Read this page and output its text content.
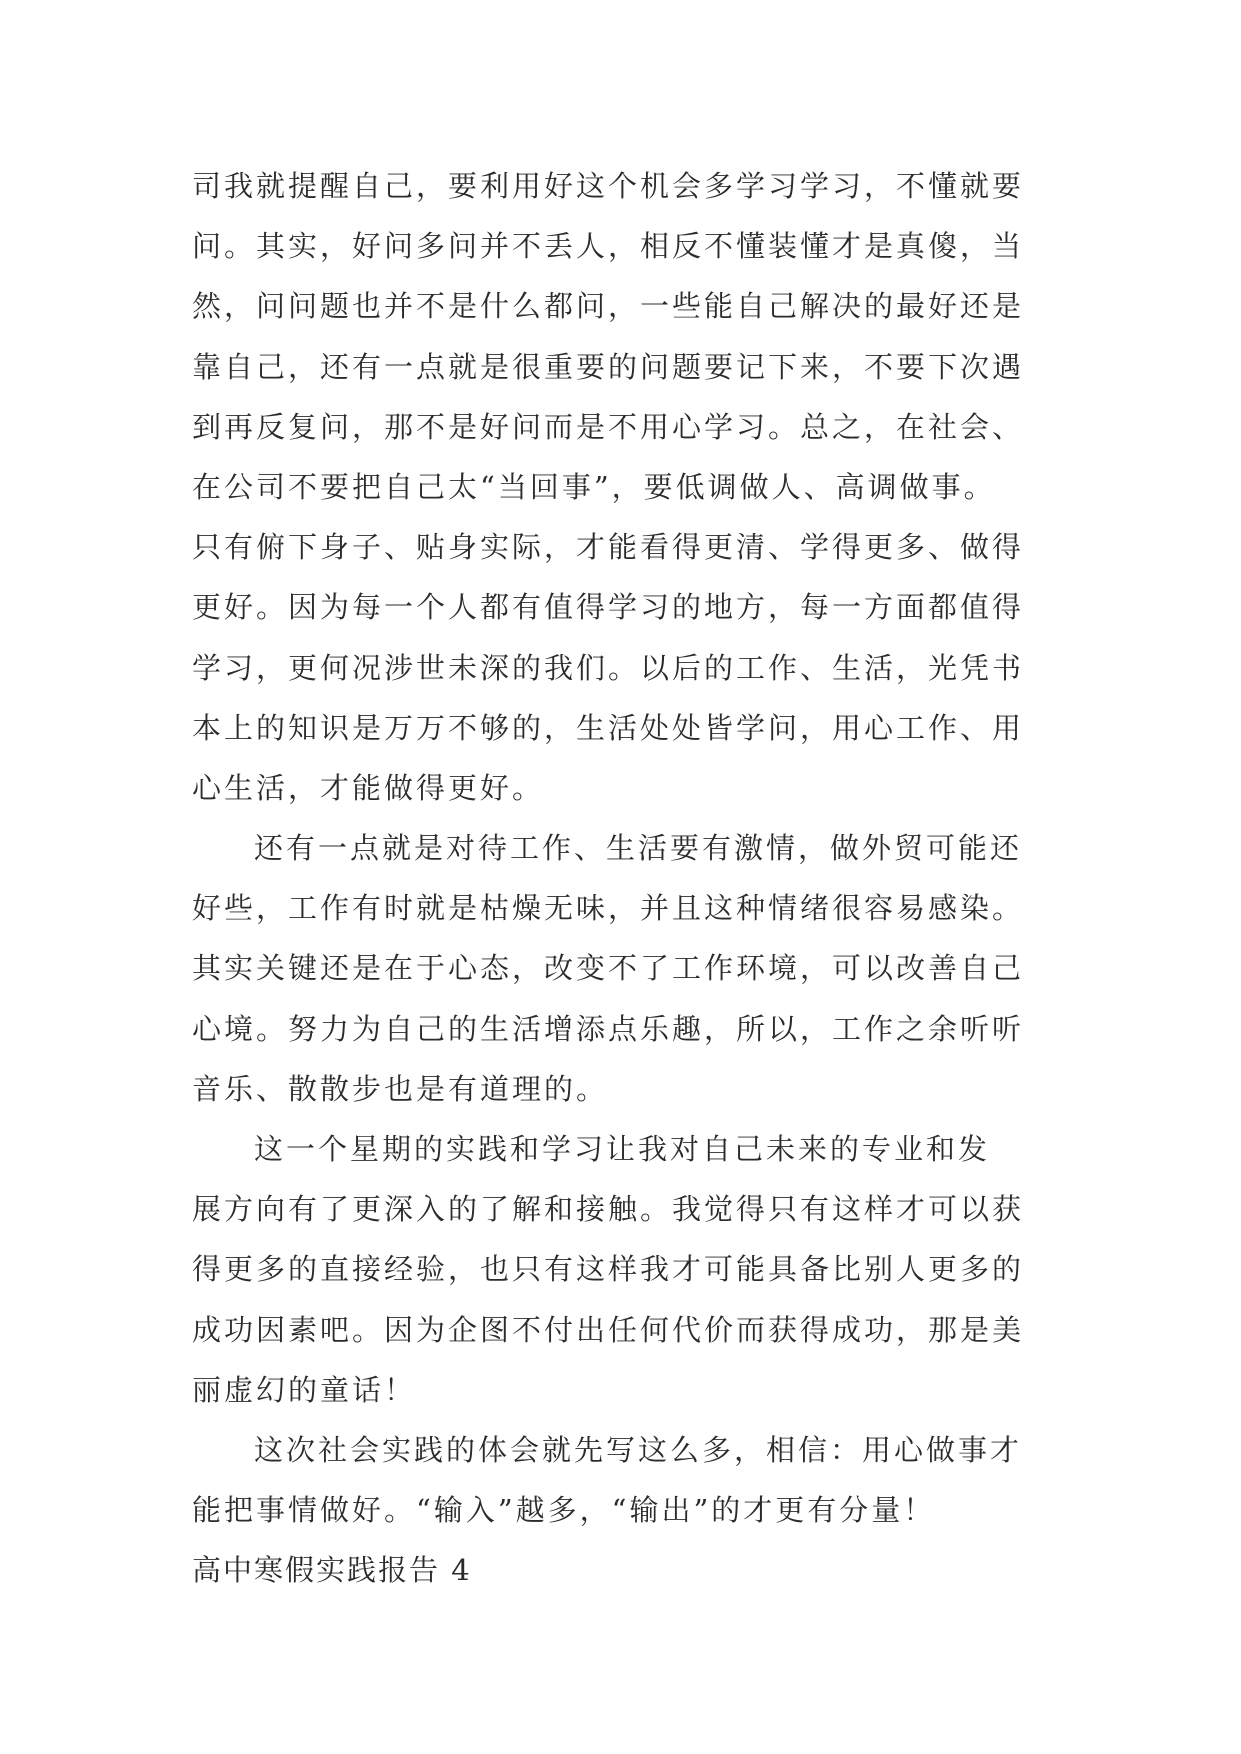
司我就提醒自己，要利用好这个机会多学习学习，不懂就要
问。其实，好问多问并不丢人，相反不懂装懂才是真傻，当
然，问问题也并不是什么都问，一些能自己解决的最好还是
靠自己，还有一点就是很重要的问题要记下来，不要下次遇
到再反复问，那不是好问而是不用心学习。总之，在社会、
在公司不要把自己太“当回事”，要低调做人、高调做事。
只有俯下身子、贴身实际，才能看得更清、学得更多、做得
更好。因为每一个人都有值得学习的地方，每一方面都值得
学习，更何况涉世未深的我们。以后的工作、生活，光凭书
本上的知识是万万不够的，生活处处皆学问，用心工作、用
心生活，才能做得更好。
还有一点就是对待工作、生活要有激情，做外贸可能还
好些，工作有时就是枯燥无味，并且这种情绪很容易感染。
其实关键还是在于心态，改变不了工作环境，可以改善自己
心境。努力为自己的生活增添点乐趣，所以，工作之余听听
音乐、散散步也是有道理的。
这一个星期的实践和学习让我对自己未来的专业和发
展方向有了更深入的了解和接触。我觉得只有这样才可以获
得更多的直接经验，也只有这样我才可能具备比别人更多的
成功因素吧。因为企图不付出任何代价而获得成功，那是美
丽虚幻的童话！
这次社会实践的体会就先写这么多，相信：用心做事才
能把事情做好。“输入”越多，“输出”的才更有分量！
高中寒假实践报告 4
